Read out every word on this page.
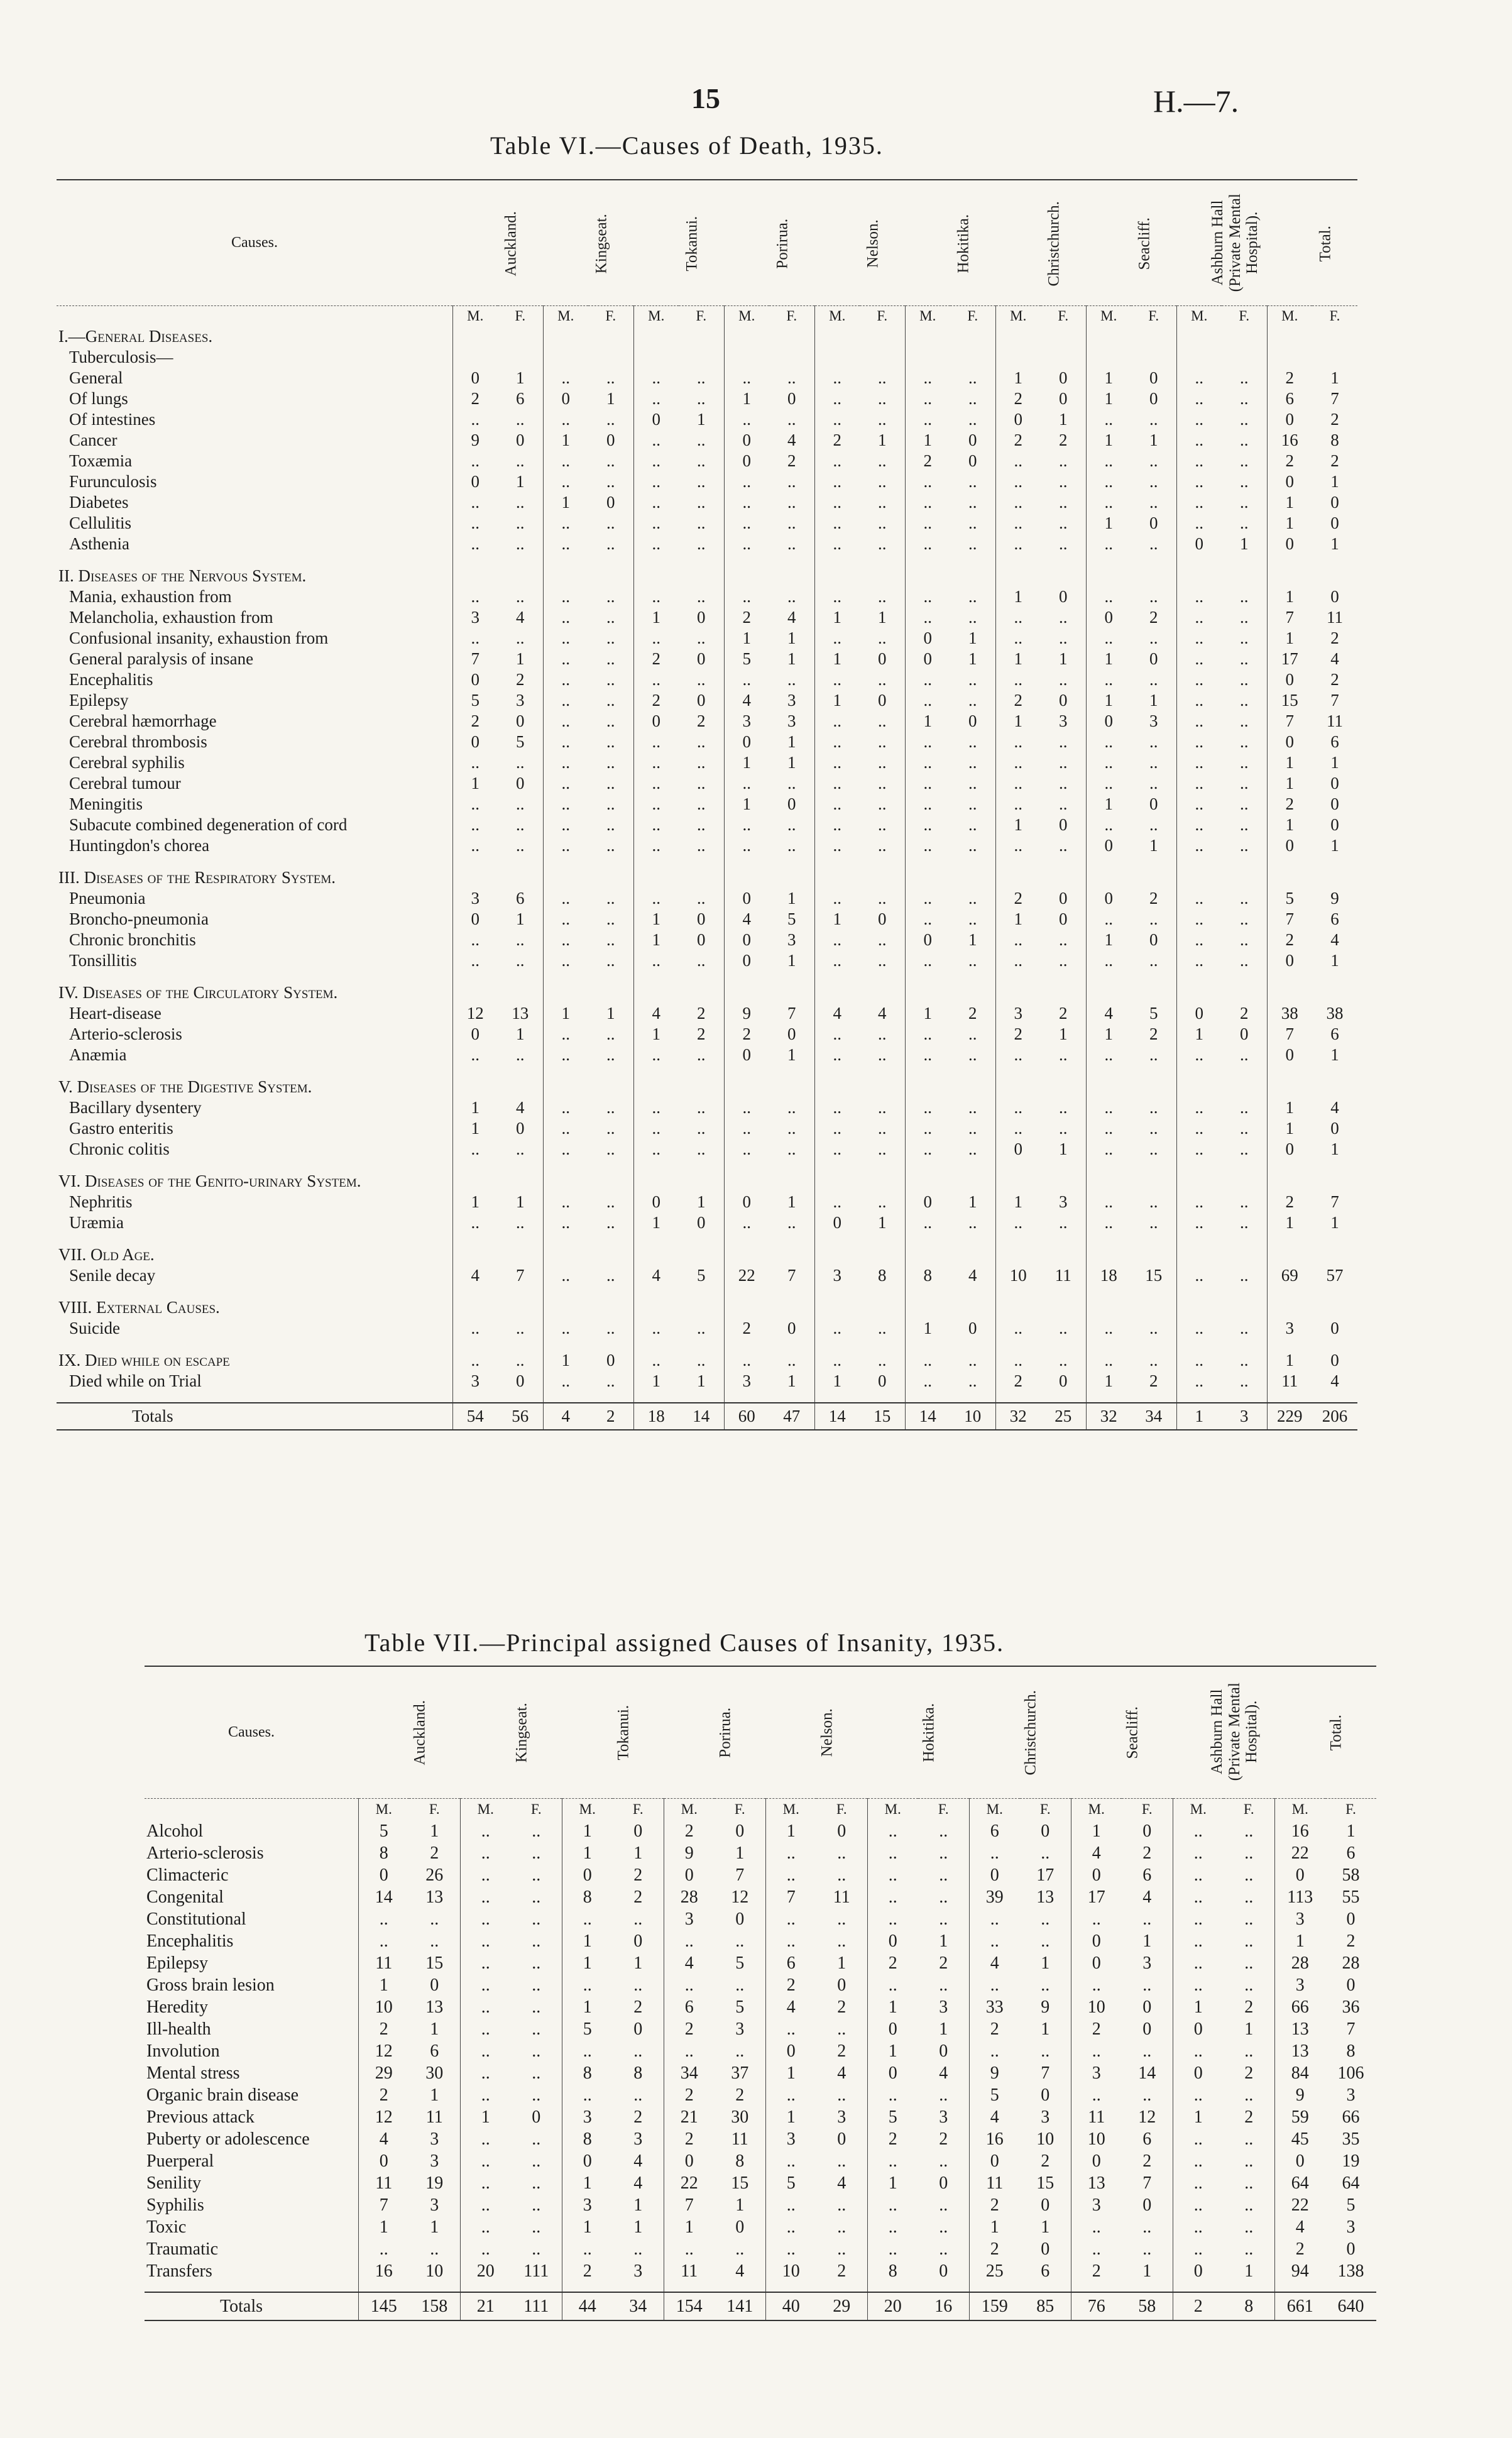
15	H.—7.
Table VI.—Causes of Death, 1935.
Causes.	Auckland.		Kingseat.		Tokanui.		Porirua.		Nelson.		Hokitika.		Christchurch.		Seacliff.		Ashburn Hall (Private Mental Hospital).		Total.	
	M.	F.	M.	F.	M.	F.	M.	F.	M.	F.	M.	F.	M.	F.	M.	F.	M.	F.	M.	F.
I.—General Diseases.																				
Tuberculosis—																				
General	0	1	..	..	..	..	..	..	..	..	..	..	1	0	1	0	..	..	2	1
Of lungs	2	6	0	1	..	..	1	0	..	..	..	..	2	0	1	0	..	..	6	7
Of intestines	..	..	..	..	0	1	..	..	..	..	..	..	0	1	..	..	..	..	0	2
Cancer	9	0	1	0	..	..	0	4	2	1	1	0	2	2	1	1	..	..	16	8
Toxæmia	..	..	..	..	..	..	0	2	..	..	2	0	..	..	..	..	..	..	2	2
Furunculosis	0	1	..	..	..	..	..	..	..	..	..	..	..	..	..	..	..	..	0	1
Diabetes	..	..	1	0	..	..	..	..	..	..	..	..	..	..	..	..	..	..	1	0
Cellulitis	..	..	..	..	..	..	..	..	..	..	..	..	..	..	1	0	..	..	1	0
Asthenia	..	..	..	..	..	..	..	..	..	..	..	..	..	..	..	..	0	1	0	1

II. Diseases of the Nervous System.																				
Mania, exhaustion from	..	..	..	..	..	..	..	..	..	..	..	..	1	0	..	..	..	..	1	0
Melancholia, exhaustion from	3	4	..	..	1	0	2	4	1	1	..	..	..	..	0	2	..	..	7	11
Confusional insanity, exhaustion from	..	..	..	..	..	..	1	1	..	..	0	1	..	..	..	..	..	..	1	2
General paralysis of insane	7	1	..	..	2	0	5	1	1	0	0	1	1	1	1	0	..	..	17	4
Encephalitis	0	2	..	..	..	..	..	..	..	..	..	..	..	..	..	..	..	..	0	2
Epilepsy	5	3	..	..	2	0	4	3	1	0	..	..	2	0	1	1	..	..	15	7
Cerebral hæmorrhage	2	0	..	..	0	2	3	3	..	..	1	0	1	3	0	3	..	..	7	11
Cerebral thrombosis	0	5	..	..	..	..	0	1	..	..	..	..	..	..	..	..	..	..	0	6
Cerebral syphilis	..	..	..	..	..	..	1	1	..	..	..	..	..	..	..	..	..	..	1	1
Cerebral tumour	1	0	..	..	..	..	..	..	..	..	..	..	..	..	..	..	..	..	1	0
Meningitis	..	..	..	..	..	..	1	0	..	..	..	..	..	..	1	0	..	..	2	0
Subacute combined degeneration of cord	..	..	..	..	..	..	..	..	..	..	..	..	1	0	..	..	..	..	1	0
Huntingdon's chorea	..	..	..	..	..	..	..	..	..	..	..	..	..	..	0	1	..	..	0	1

III. Diseases of the Respiratory System.																				
Pneumonia	3	6	..	..	..	..	0	1	..	..	..	..	2	0	0	2	..	..	5	9
Broncho-pneumonia	0	1	..	..	1	0	4	5	1	0	..	..	1	0	..	..	..	..	7	6
Chronic bronchitis	..	..	..	..	1	0	0	3	..	..	0	1	..	..	1	0	..	..	2	4
Tonsillitis	..	..	..	..	..	..	0	1	..	..	..	..	..	..	..	..	..	..	0	1

IV. Diseases of the Circulatory System.																				
Heart-disease	12	13	1	1	4	2	9	7	4	4	1	2	3	2	4	5	0	2	38	38
Arterio-sclerosis	0	1	..	..	1	2	2	0	..	..	..	..	2	1	1	2	1	0	7	6
Anæmia	..	..	..	..	..	..	0	1	..	..	..	..	..	..	..	..	..	..	0	1

V. Diseases of the Digestive System.																				
Bacillary dysentery	1	4	..	..	..	..	..	..	..	..	..	..	..	..	..	..	..	..	1	4
Gastro enteritis	1	0	..	..	..	..	..	..	..	..	..	..	..	..	..	..	..	..	1	0
Chronic colitis	..	..	..	..	..	..	..	..	..	..	..	..	0	1	..	..	..	..	0	1

VI. Diseases of the Genito-urinary System.																				
Nephritis	1	1	..	..	0	1	0	1	..	..	0	1	1	3	..	..	..	..	2	7
Uræmia	..	..	..	..	1	0	..	..	0	1	..	..	..	..	..	..	..	..	1	1

VII. Old Age.																				
Senile decay	4	7	..	..	4	5	22	7	3	8	8	4	10	11	18	15	..	..	69	57

VIII. External Causes.																				
Suicide	..	..	..	..	..	..	2	0	..	..	1	0	..	..	..	..	..	..	3	0

IX. Died while on escape	..	..	1	0	..	..	..	..	..	..	..	..	..	..	..	..	..	..	1	0
Died while on Trial	3	0	..	..	1	1	3	1	1	0	..	..	2	0	1	2	..	..	11	4

Totals	54	56	4	2	18	14	60	47	14	15	14	10	32	25	32	34	1	3	229	206
Table VII.—Principal assigned Causes of Insanity, 1935.
Causes.	Auckland.		Kingseat.		Tokanui.		Porirua.		Nelson.		Hokitika.		Christchurch.		Seacliff.		Ashburn Hall (Private Mental Hospital).		Total.	
	M.	F.	M.	F.	M.	F.	M.	F.	M.	F.	M.	F.	M.	F.	M.	F.	M.	F.	M.	F.
Alcohol	5	1	..	..	1	0	2	0	1	0	..	..	6	0	1	0	..	..	16	1
Arterio-sclerosis	8	2	..	..	1	1	9	1	..	..	..	..	..	..	4	2	..	..	22	6
Climacteric	0	26	..	..	0	2	0	7	..	..	..	..	0	17	0	6	..	..	0	58
Congenital	14	13	..	..	8	2	28	12	7	11	..	..	39	13	17	4	..	..	113	55
Constitutional	..	..	..	..	..	..	3	0	..	..	..	..	..	..	..	..	..	..	3	0
Encephalitis	..	..	..	..	1	0	..	..	..	..	0	1	..	..	0	1	..	..	1	2
Epilepsy	11	15	..	..	1	1	4	5	6	1	2	2	4	1	0	3	..	..	28	28
Gross brain lesion	1	0	..	..	..	..	..	..	2	0	..	..	..	..	..	..	..	..	3	0
Heredity	10	13	..	..	1	2	6	5	4	2	1	3	33	9	10	0	1	2	66	36
Ill-health	2	1	..	..	5	0	2	3	..	..	0	1	2	1	2	0	0	1	13	7
Involution	12	6	..	..	..	..	..	..	0	2	1	0	..	..	..	..	..	..	13	8
Mental stress	29	30	..	..	8	8	34	37	1	4	0	4	9	7	3	14	0	2	84	106
Organic brain disease	2	1	..	..	..	..	2	2	..	..	..	..	5	0	..	..	..	..	9	3
Previous attack	12	11	1	0	3	2	21	30	1	3	5	3	4	3	11	12	1	2	59	66
Puberty or adolescence	4	3	..	..	8	3	2	11	3	0	2	2	16	10	10	6	..	..	45	35
Puerperal	0	3	..	..	0	4	0	8	..	..	..	..	0	2	0	2	..	..	0	19
Senility	11	19	..	..	1	4	22	15	5	4	1	0	11	15	13	7	..	..	64	64
Syphilis	7	3	..	..	3	1	7	1	..	..	..	..	2	0	3	0	..	..	22	5
Toxic	1	1	..	..	1	1	1	0	..	..	..	..	1	1	..	..	..	..	4	3
Traumatic	..	..	..	..	..	..	..	..	..	..	..	..	2	0	..	..	..	..	2	0
Transfers	16	10	20	111	2	3	11	4	10	2	8	0	25	6	2	1	0	1	94	138

Totals	145	158	21	111	44	34	154	141	40	29	20	16	159	85	76	58	2	8	661	640
